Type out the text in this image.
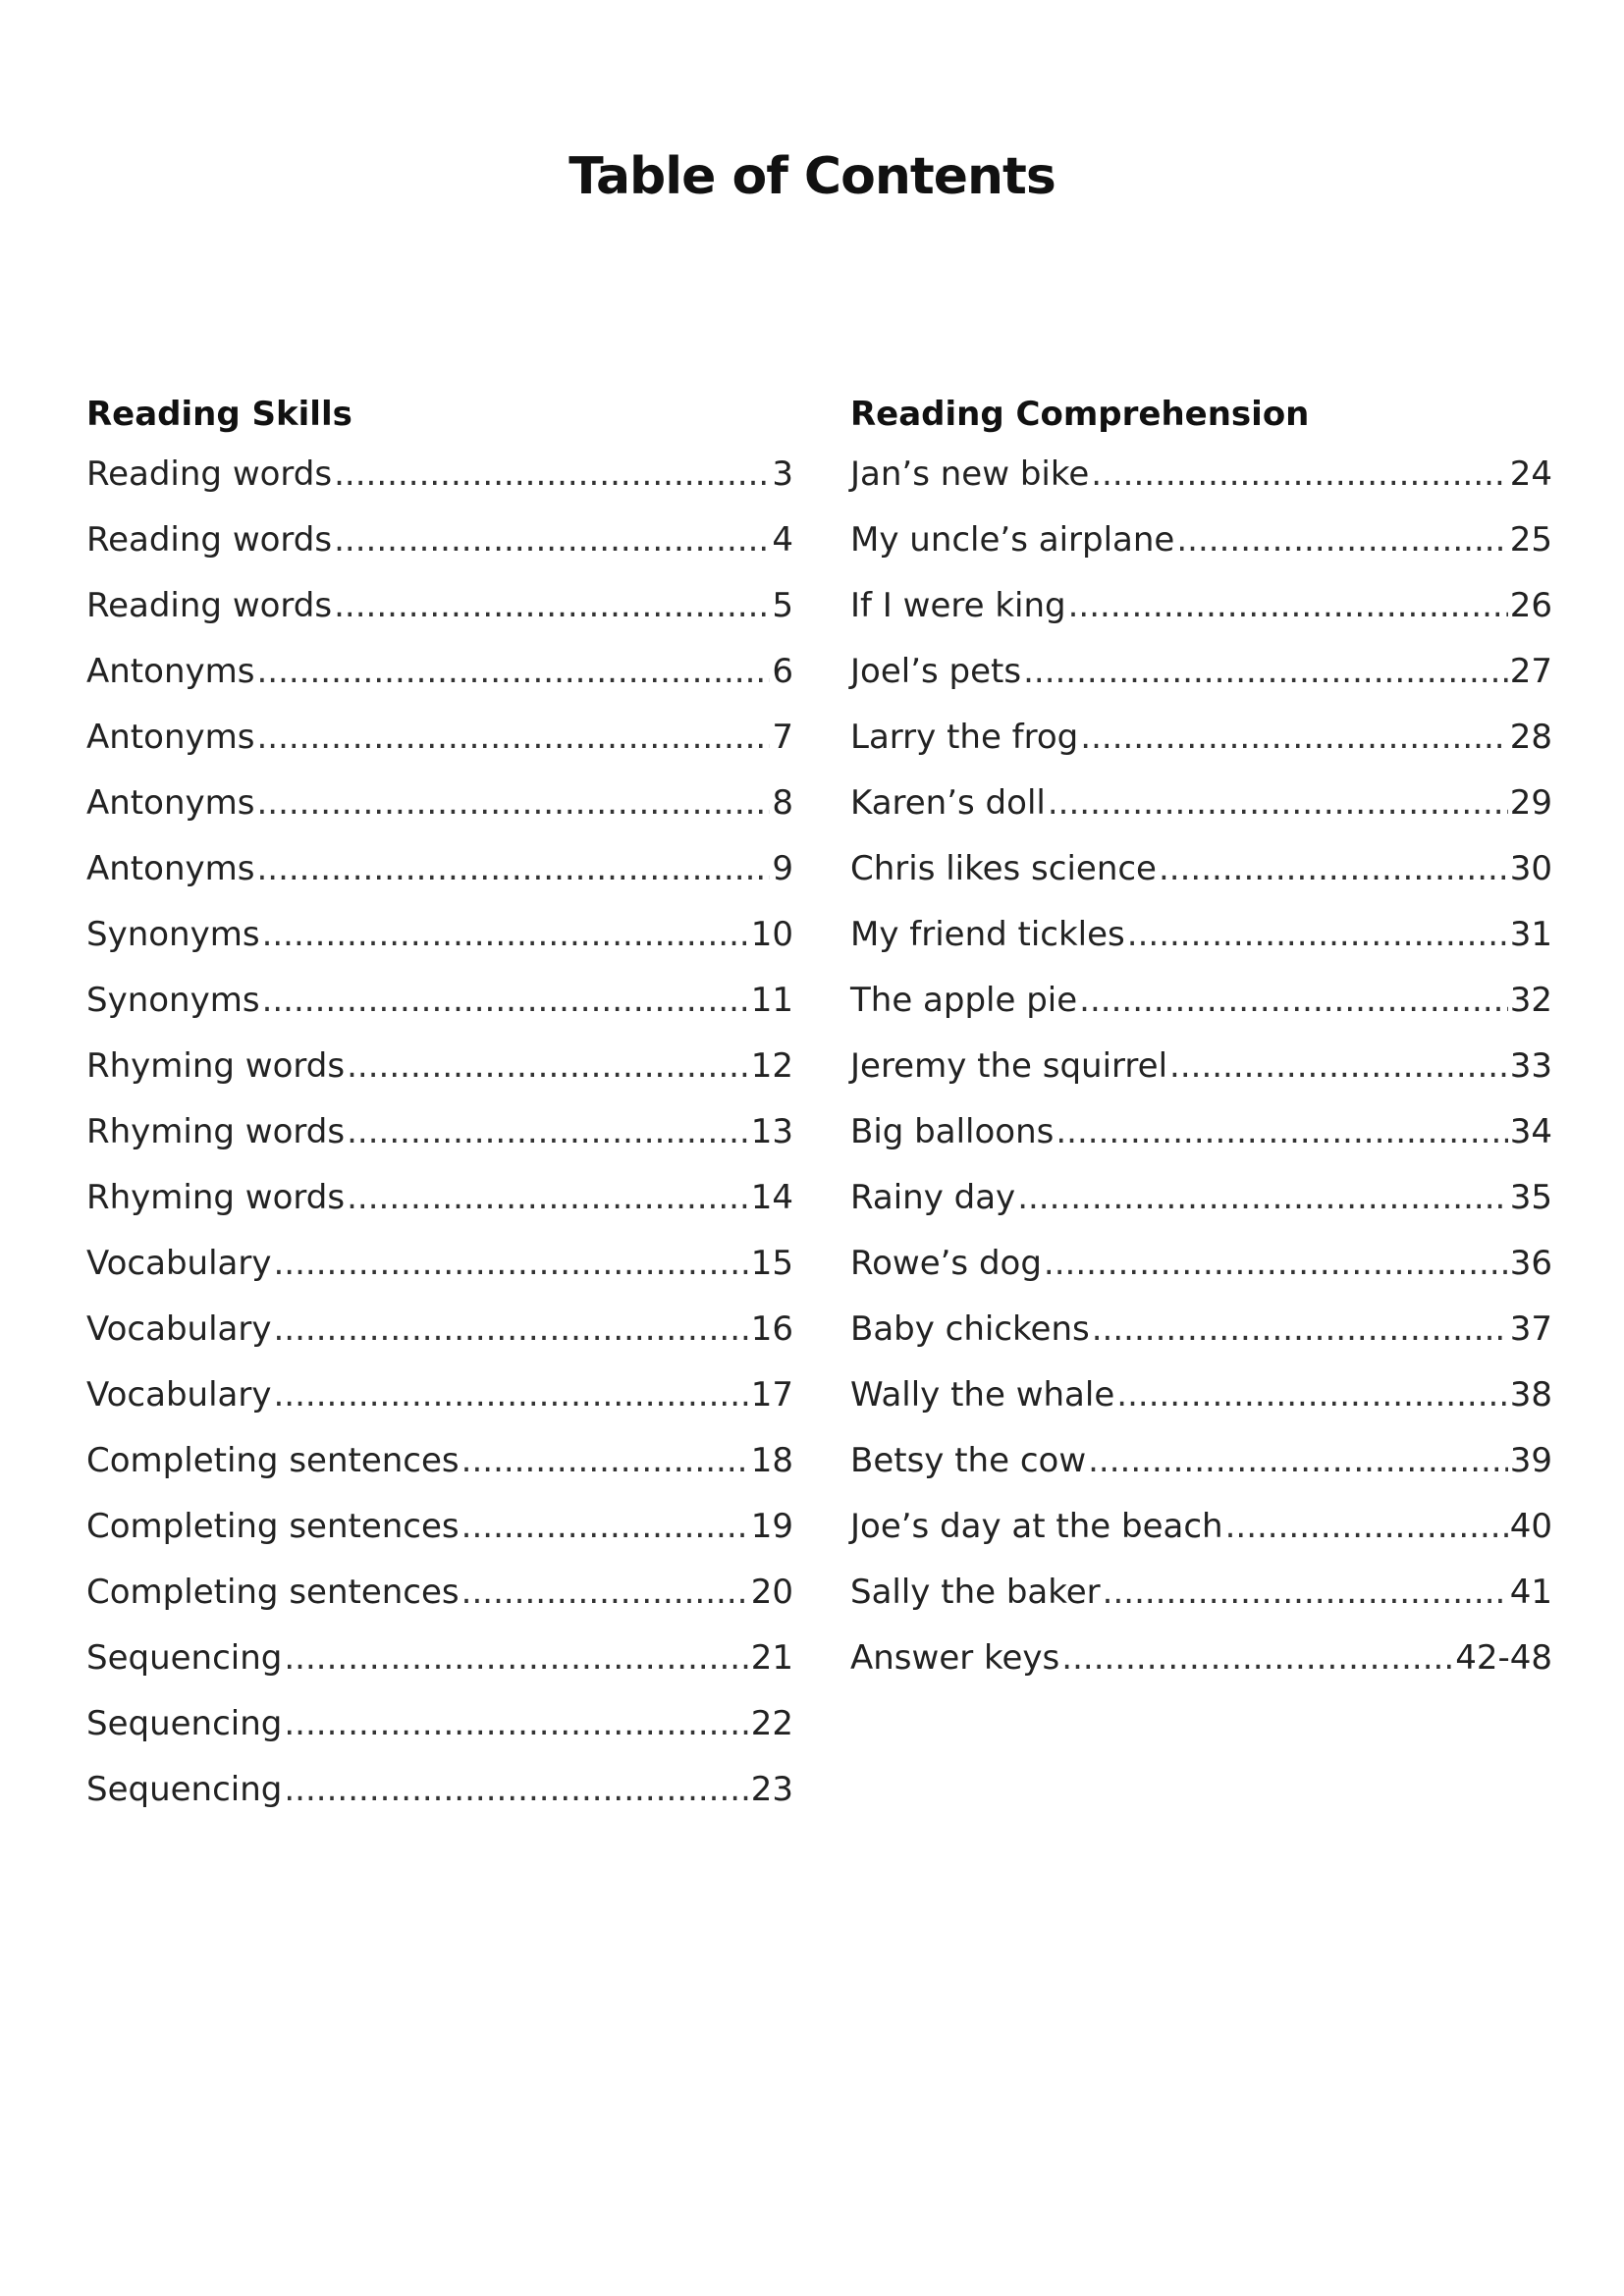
Table of Contents
Reading Skills
Reading words .....	3
Reading words .....	4
Reading words .....	5
Antonyms .....	6
Antonyms .....	7
Antonyms .....	8
Antonyms .....	9
Synonyms .....	10
Synonyms .....	11
Rhyming words .....	12
Rhyming words .....	13
Rhyming words .....	14
Vocabulary .....	15
Vocabulary .....	16
Vocabulary .....	17
Completing sentences .....	18
Completing sentences .....	19
Completing sentences .....	20
Sequencing .....	21
Sequencing .....	22
Sequencing .....	23
Reading Comprehension
Jan’s new bike .....	24
My uncle’s airplane .....	25
If I were king .....	26
Joel’s pets .....	27
Larry the frog .....	28
Karen’s doll .....	29
Chris likes science .....	30
My friend tickles .....	31
The apple pie .....	32
Jeremy the squirrel .....	33
Big balloons .....	34
Rainy day .....	35
Rowe’s dog .....	36
Baby chickens .....	37
Wally the whale .....	38
Betsy the cow .....	39
Joe’s day at the beach .....	40
Sally the baker .....	41
Answer keys .....	42-48
